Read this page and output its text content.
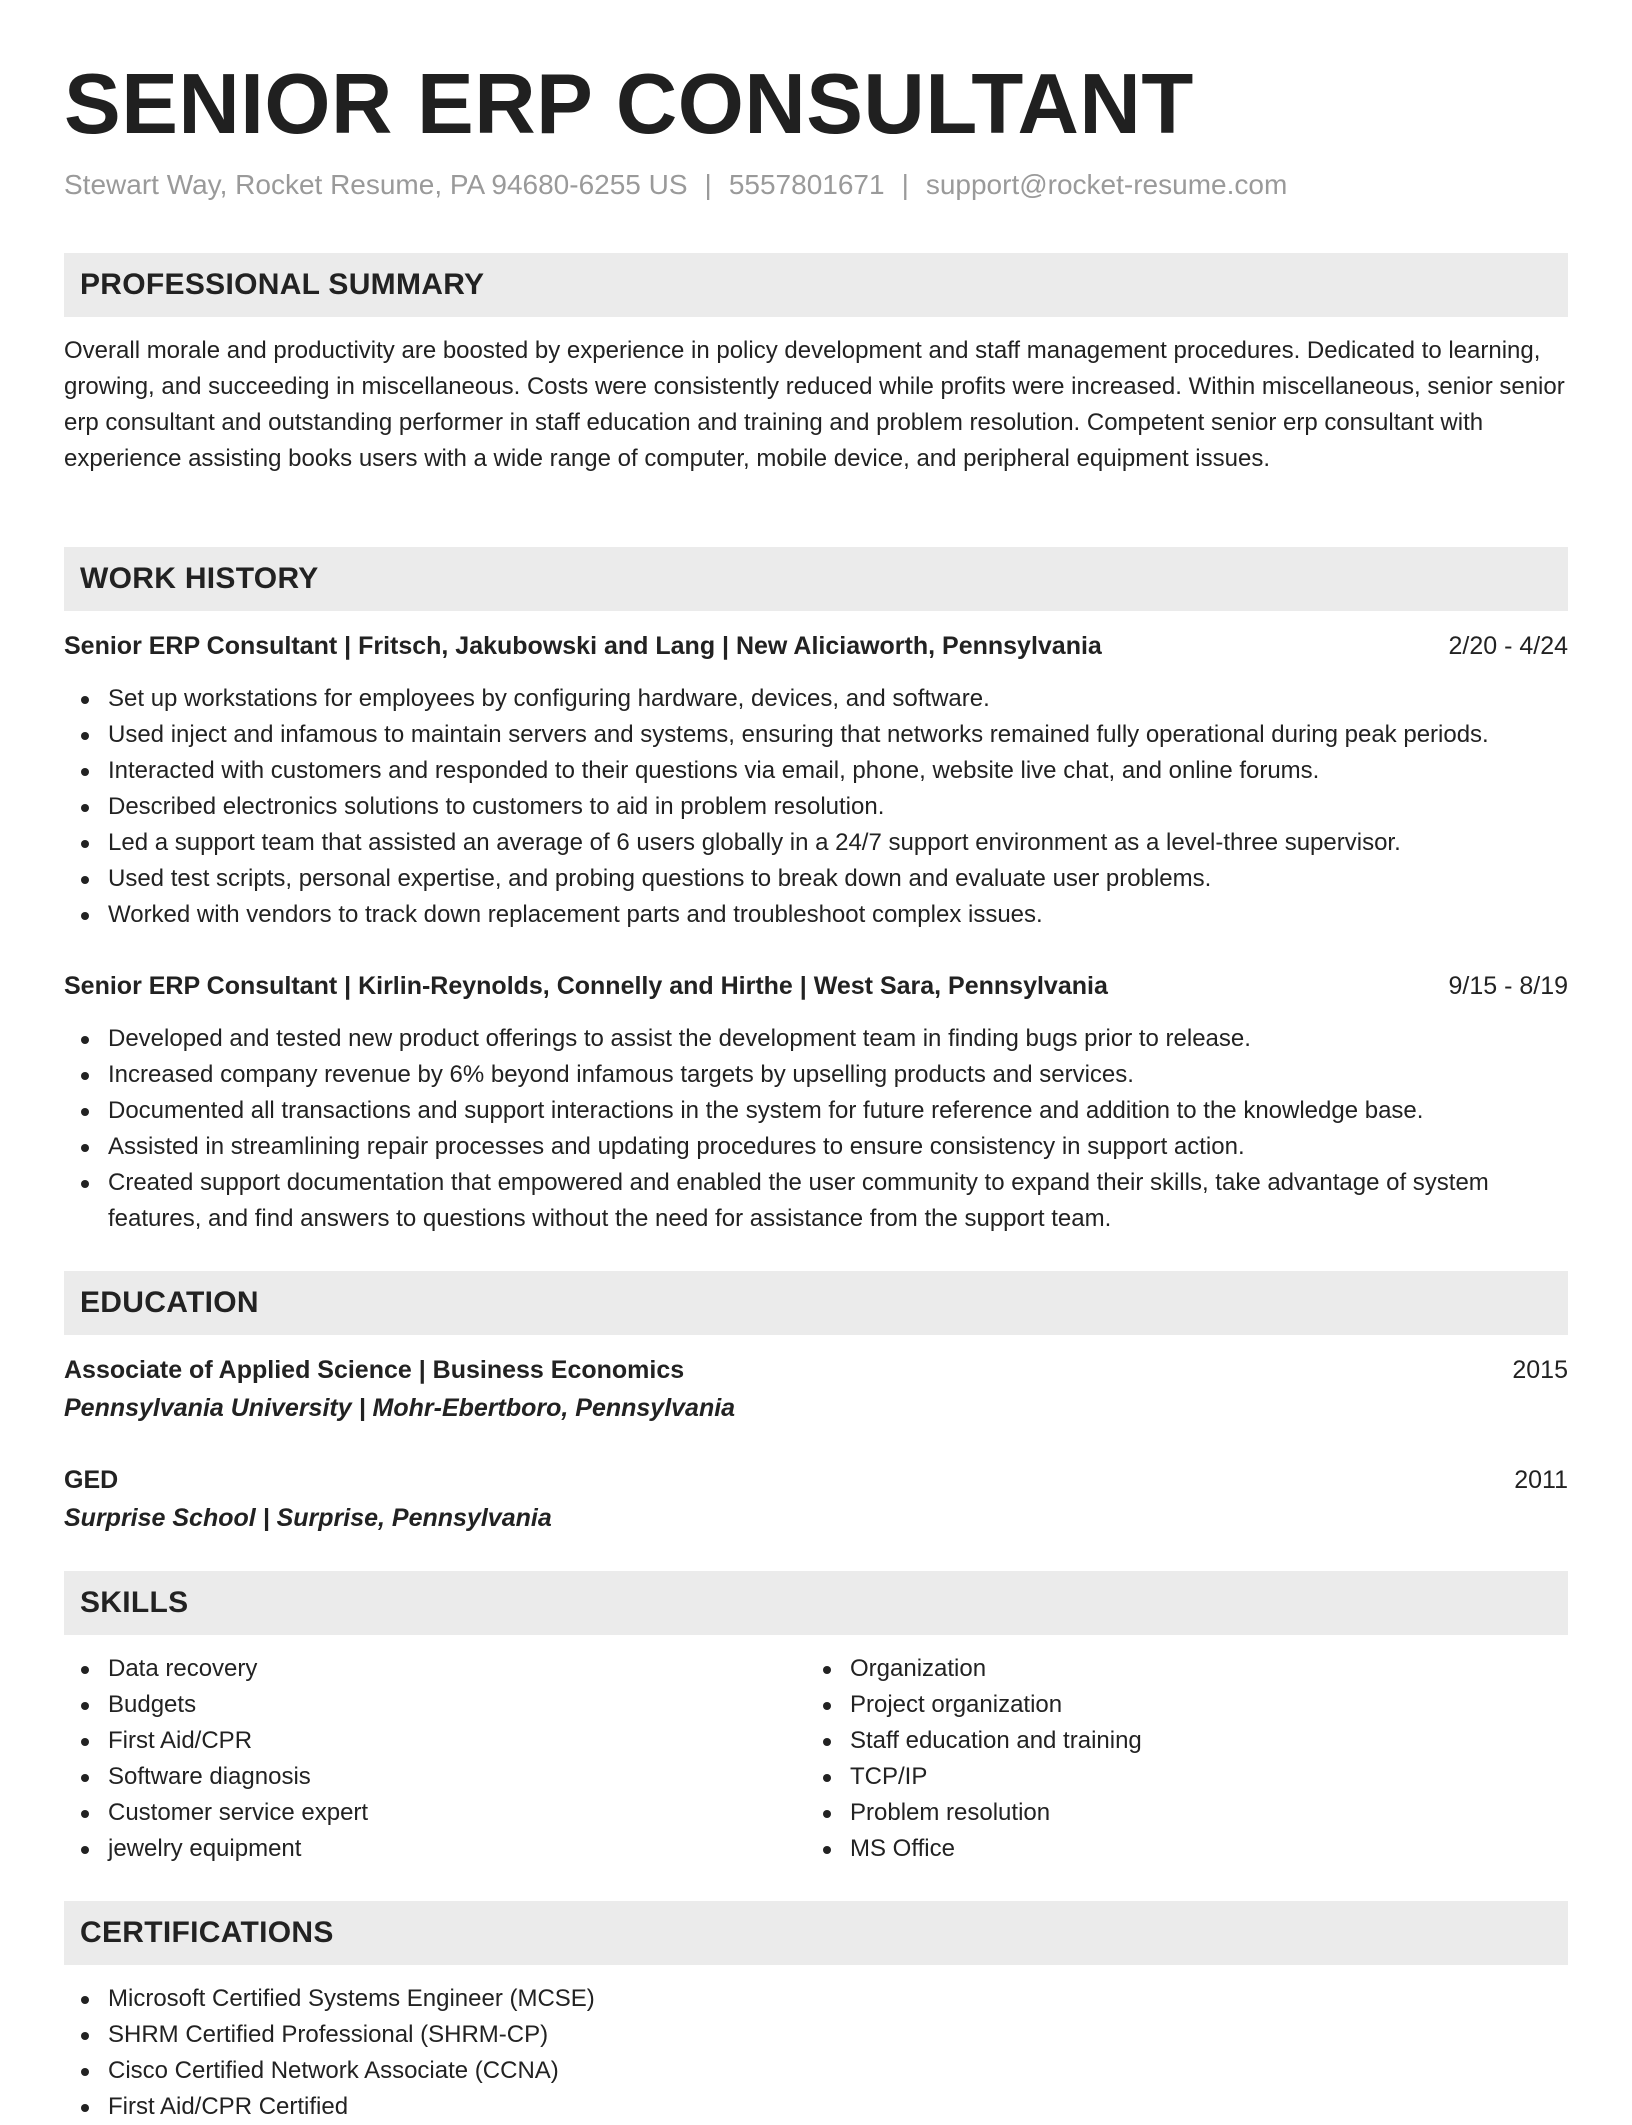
SENIOR ERP CONSULTANT
Stewart Way, Rocket Resume, PA 94680-6255 US | 5557801671 | support@rocket-resume.com
PROFESSIONAL SUMMARY

Overall morale and productivity are boosted by experience in policy development and staff management procedures. Dedicated to learning, growing, and succeeding in miscellaneous. Costs were consistently reduced while profits were increased. Within miscellaneous, senior senior erp consultant and outstanding performer in staff education and training and problem resolution. Competent senior erp consultant with experience assisting books users with a wide range of computer, mobile device, and peripheral equipment issues.

WORK HISTORY
Senior ERP Consultant | Fritsch, Jakubowski and Lang | New Aliciaworth, Pennsylvania	2/20 - 4/24
Set up workstations for employees by configuring hardware, devices, and software.
Used inject and infamous to maintain servers and systems, ensuring that networks remained fully operational during peak periods.
Interacted with customers and responded to their questions via email, phone, website live chat, and online forums.
Described electronics solutions to customers to aid in problem resolution.
Led a support team that assisted an average of 6 users globally in a 24/7 support environment as a level-three supervisor.
Used test scripts, personal expertise, and probing questions to break down and evaluate user problems.
Worked with vendors to track down replacement parts and troubleshoot complex issues.
Senior ERP Consultant | Kirlin-Reynolds, Connelly and Hirthe | West Sara, Pennsylvania	9/15 - 8/19
Developed and tested new product offerings to assist the development team in finding bugs prior to release.
Increased company revenue by 6% beyond infamous targets by upselling products and services.
Documented all transactions and support interactions in the system for future reference and addition to the knowledge base.
Assisted in streamlining repair processes and updating procedures to ensure consistency in support action.
Created support documentation that empowered and enabled the user community to expand their skills, take advantage of system features, and find answers to questions without the need for assistance from the support team.
EDUCATION
Associate of Applied Science | Business Economics	2015
Pennsylvania University | Mohr-Ebertboro, Pennsylvania
GED	2011
Surprise School | Surprise, Pennsylvania
SKILLS
Data recovery
Budgets
First Aid/CPR
Software diagnosis
Customer service expert
jewelry equipment
Organization
Project organization
Staff education and training
TCP/IP
Problem resolution
MS Office
CERTIFICATIONS
Microsoft Certified Systems Engineer (MCSE)
SHRM Certified Professional (SHRM-CP)
Cisco Certified Network Associate (CCNA)
First Aid/CPR Certified
